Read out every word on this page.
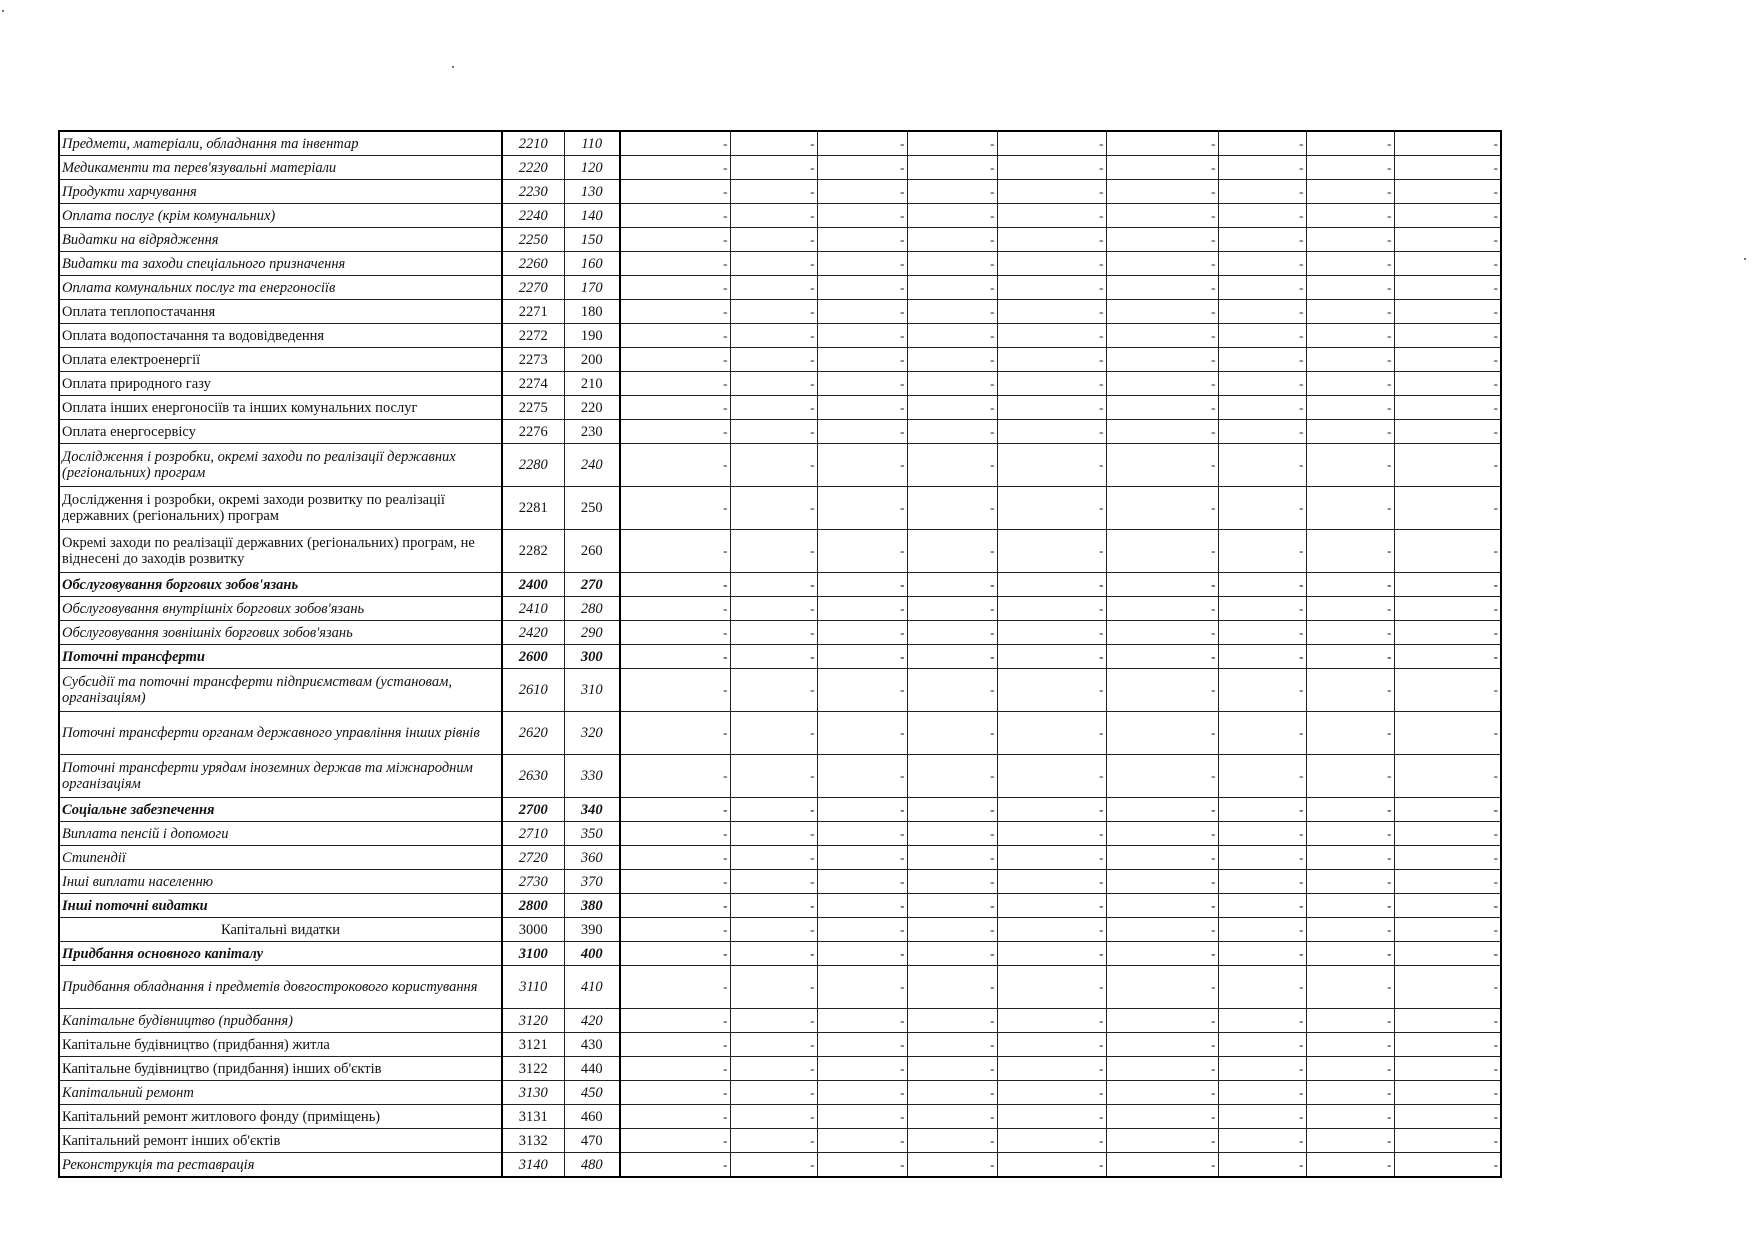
Предмети, матеріали, обладнання та інвентар	2210	110	-	-	-	-	-	-	-	-	-
Медикаменти та перев'язувальні матеріали	2220	120	-	-	-	-	-	-	-	-	-
Продукти харчування	2230	130	-	-	-	-	-	-	-	-	-
Оплата послуг (крім комунальних)	2240	140	-	-	-	-	-	-	-	-	-
Видатки на відрядження	2250	150	-	-	-	-	-	-	-	-	-
Видатки та заходи спеціального призначення	2260	160	-	-	-	-	-	-	-	-	-
Оплата комунальних послуг та енергоносіїв	2270	170	-	-	-	-	-	-	-	-	-
Оплата теплопостачання	2271	180	-	-	-	-	-	-	-	-	-
Оплата водопостачання та водовідведення	2272	190	-	-	-	-	-	-	-	-	-
Оплата електроенергії	2273	200	-	-	-	-	-	-	-	-	-
Оплата природного газу	2274	210	-	-	-	-	-	-	-	-	-
Оплата інших енергоносіїв та інших комунальних послуг	2275	220	-	-	-	-	-	-	-	-	-
Оплата енергосервісу	2276	230	-	-	-	-	-	-	-	-	-
Дослідження і розробки, окремі заходи по реалізації державних (регіональних) програм	2280	240	-	-	-	-	-	-	-	-	-
Дослідження і розробки, окремі заходи розвитку по реалізації державних (регіональних) програм	2281	250	-	-	-	-	-	-	-	-	-
Окремі заходи по реалізації державних (регіональних) програм, не віднесені до заходів розвитку	2282	260	-	-	-	-	-	-	-	-	-
Обслуговування боргових зобов'язань	2400	270	-	-	-	-	-	-	-	-	-
Обслуговування внутрішніх боргових зобов'язань	2410	280	-	-	-	-	-	-	-	-	-
Обслуговування зовнішніх боргових зобов'язань	2420	290	-	-	-	-	-	-	-	-	-
Поточні трансферти	2600	300	-	-	-	-	-	-	-	-	-
Субсидії та поточні трансферти підприємствам (установам, організаціям)	2610	310	-	-	-	-	-	-	-	-	-
Поточні трансферти органам державного управління інших рівнів	2620	320	-	-	-	-	-	-	-	-	-
Поточні трансферти урядам іноземних держав та міжнародним організаціям	2630	330	-	-	-	-	-	-	-	-	-
Соціальне забезпечення	2700	340	-	-	-	-	-	-	-	-	-
Виплата пенсій і допомоги	2710	350	-	-	-	-	-	-	-	-	-
Стипендії	2720	360	-	-	-	-	-	-	-	-	-
Інші виплати населенню	2730	370	-	-	-	-	-	-	-	-	-
Інші поточні видатки	2800	380	-	-	-	-	-	-	-	-	-
Капітальні видатки	3000	390	-	-	-	-	-	-	-	-	-
Придбання основного капіталу	3100	400	-	-	-	-	-	-	-	-	-
Придбання обладнання і предметів довгострокового користування	3110	410	-	-	-	-	-	-	-	-	-
Капітальне будівництво (придбання)	3120	420	-	-	-	-	-	-	-	-	-
Капітальне будівництво (придбання) житла	3121	430	-	-	-	-	-	-	-	-	-
Капітальне будівництво (придбання) інших об'єктів	3122	440	-	-	-	-	-	-	-	-	-
Капітальний ремонт	3130	450	-	-	-	-	-	-	-	-	-
Капітальний ремонт житлового фонду (приміщень)	3131	460	-	-	-	-	-	-	-	-	-
Капітальний ремонт інших об'єктів	3132	470	-	-	-	-	-	-	-	-	-
Реконструкція та реставрація	3140	480	-	-	-	-	-	-	-	-	-
